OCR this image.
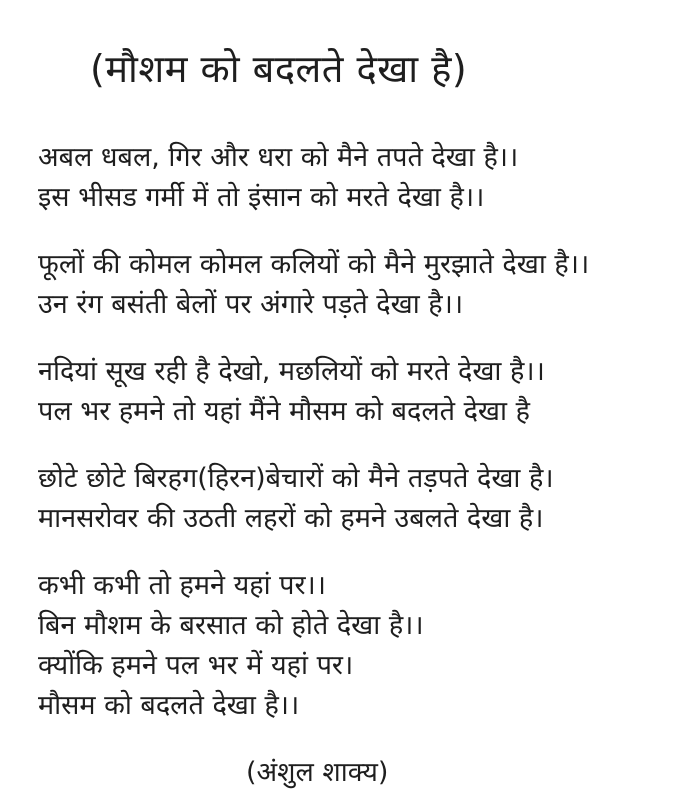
(मौशम को बदलते देखा है)

अबल धबल, गिर और धरा को मैने तपते देखा है।।

इस भीसड गर्मी में तो इंसान को मरते देखा है।।

फूलों की कोमल कोमल कलियों को मैने मुरझाते देखा है।।

उन रंग बसंती बेलों पर अंगारे पड़ते देखा है।।

नदियां सूख रही है देखो, मछलियों को मरते देखा है।।

पल भर हमने तो यहां मैंने मौसम को बदलते देखा है

छोटे छोटे बिरहग(हिरन)बेचारों को मैने तड़पते देखा है।

मानसरोवर की उठती लहरों को हमने उबलते देखा है।

कभी कभी तो हमने यहां पर।।

बिन मौशम के बरसात को होते देखा है।।

क्योंकि हमने पल भर में यहां पर।

मौसम को बदलते देखा है।।

(अंशुल शाक्य)
